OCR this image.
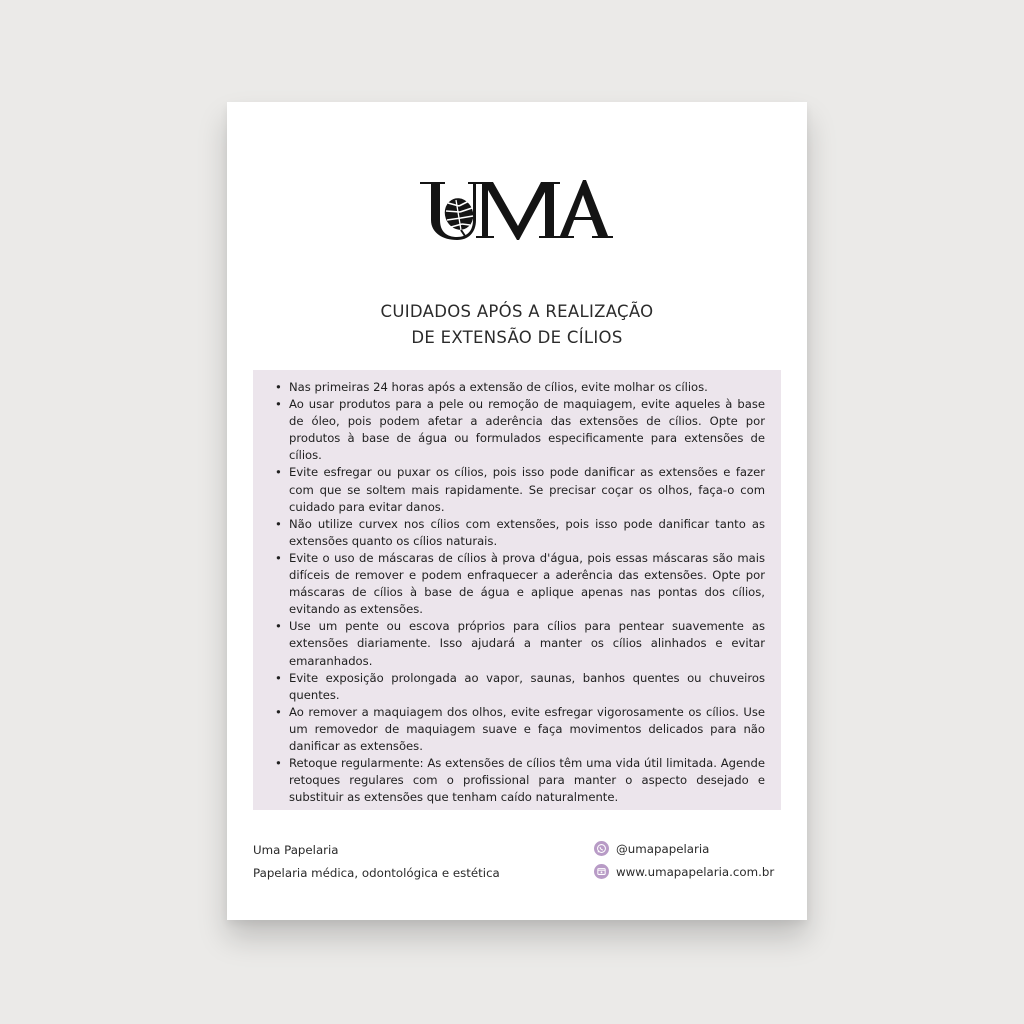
CUIDADOS APÓS A REALIZAÇÃO
DE EXTENSÃO DE CÍLIOS
• Nas primeiras 24 horas após a extensão de cílios, evite molhar os cílios.
• Ao usar produtos para a pele ou remoção de maquiagem, evite aqueles à base de óleo, pois podem afetar a aderência das extensões de cílios. Opte por produtos à base de água ou formulados especificamente para extensões de cílios.
• Evite esfregar ou puxar os cílios, pois isso pode danificar as extensões e fazer com que se soltem mais rapidamente. Se precisar coçar os olhos, faça-o com cuidado para evitar danos.
• Não utilize curvex nos cílios com extensões, pois isso pode danificar tanto as extensões quanto os cílios naturais.
• Evite o uso de máscaras de cílios à prova d'água, pois essas máscaras são mais difíceis de remover e podem enfraquecer a aderência das extensões. Opte por máscaras de cílios à base de água e aplique apenas nas pontas dos cílios, evitando as extensões.
• Use um pente ou escova próprios para cílios para pentear suavemente as extensões diariamente. Isso ajudará a manter os cílios alinhados e evitar emaranhados.
• Evite exposição prolongada ao vapor, saunas, banhos quentes ou chuveiros quentes.
• Ao remover a maquiagem dos olhos, evite esfregar vigorosamente os cílios. Use um removedor de maquiagem suave e faça movimentos delicados para não danificar as extensões.
• Retoque regularmente: As extensões de cílios têm uma vida útil limitada. Agende retoques regulares com o profissional para manter o aspecto desejado e substituir as extensões que tenham caído naturalmente.
Uma Papelaria
Papelaria médica, odontológica e estética
@umapapelaria
www.umapapelaria.com.br
